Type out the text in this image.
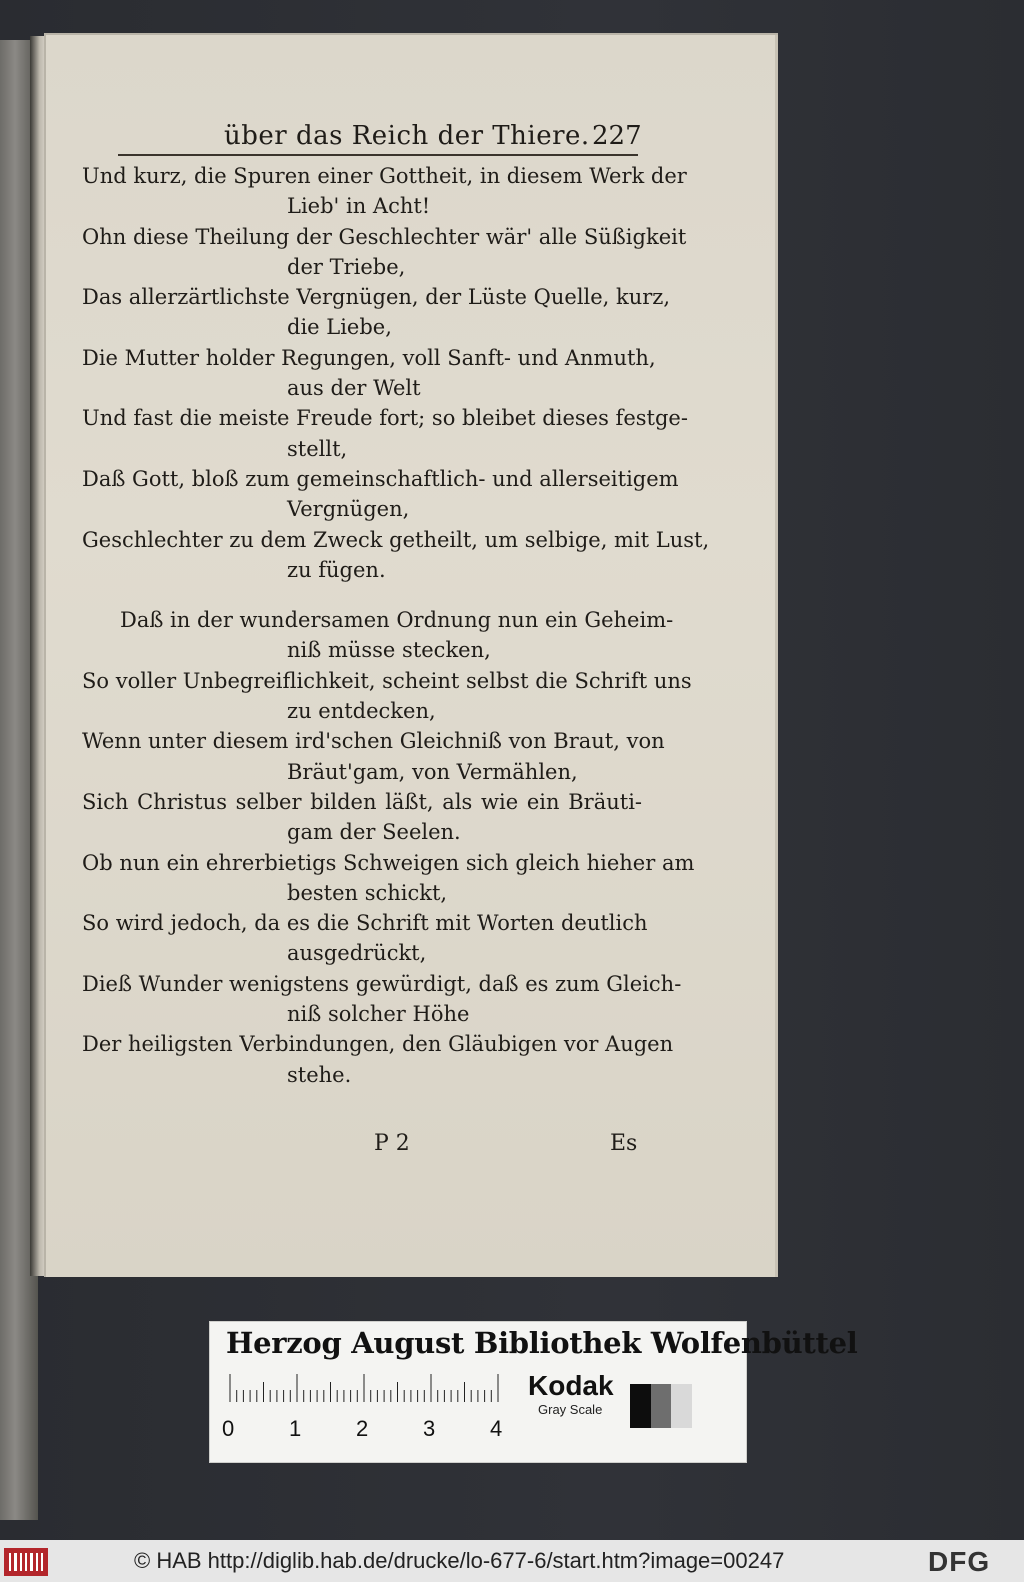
über das Reich der Thiere. 227
Und kurz, die Spuren einer Gottheit, in diesem Werk der
Lieb' in Acht!
Ohn diese Theilung der Geschlechter wär' alle Süßigkeit
der Triebe,
Das allerzärtlichste Vergnügen, der Lüste Quelle, kurz,
die Liebe,
Die Mutter holder Regungen, voll Sanft- und Anmuth,
aus der Welt
Und fast die meiste Freude fort; so bleibet dieses festge-
stellt,
Daß Gott, bloß zum gemeinschaftlich- und allerseitigem
Vergnügen,
Geschlechter zu dem Zweck getheilt, um selbige, mit Lust,
zu fügen.
Daß in der wundersamen Ordnung nun ein Geheim-
niß müsse stecken,
So voller Unbegreiflichkeit, scheint selbst die Schrift uns
zu entdecken,
Wenn unter diesem ird'schen Gleichniß von Braut, von
Bräut'gam, von Vermählen,
Sich Christus selber bilden läßt, als wie ein Bräuti-
gam der Seelen.
Ob nun ein ehrerbietigs Schweigen sich gleich hieher am
besten schickt,
So wird jedoch, da es die Schrift mit Worten deutlich
ausgedrückt,
Dieß Wunder wenigstens gewürdigt, daß es zum Gleich-
niß solcher Höhe
Der heiligsten Verbindungen, den Gläubigen vor Augen
stehe.
P 2	Es
Herzog August Bibliothek Wolfenbüttel
0 1 2 3 4
Kodak
Gray Scale
© HAB http://diglib.hab.de/drucke/lo-677-6/start.htm?image=00247	DFG
